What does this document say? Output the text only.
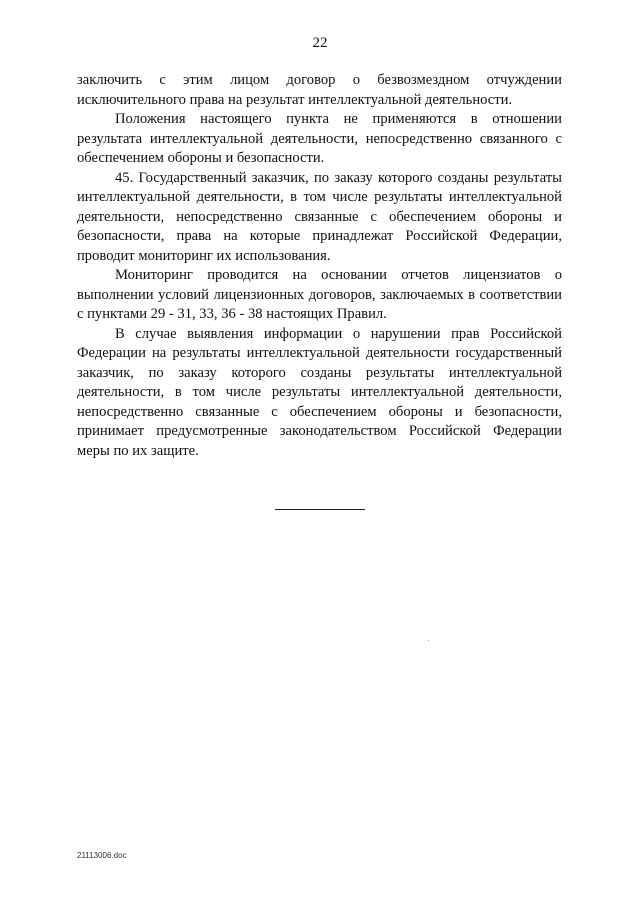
22

заключить с этим лицом договор о безвозмездном отчуждении исключительного права на результат интеллектуальной деятельности.

Положения настоящего пункта не применяются в отношении результата интеллектуальной деятельности, непосредственно связанного с обеспечением обороны и безопасности.

45. Государственный заказчик, по заказу которого созданы результаты интеллектуальной деятельности, в том числе результаты интеллектуальной деятельности, непосредственно связанные с обеспечением обороны и безопасности, права на которые принадлежат Российской Федерации, проводит мониторинг их использования.

Мониторинг проводится на основании отчетов лицензиатов о выполнении условий лицензионных договоров, заключаемых в соответствии с пунктами 29 - 31, 33, 36 - 38 настоящих Правил.

В случае выявления информации о нарушении прав Российской Федерации на результаты интеллектуальной деятельности государственный заказчик, по заказу которого созданы результаты интеллектуальной деятельности, в том числе результаты интеллектуальной деятельности, непосредственно связанные с обеспечением обороны и безопасности, принимает предусмотренные законодательством Российской Федерации меры по их защите.

21113006.doc
